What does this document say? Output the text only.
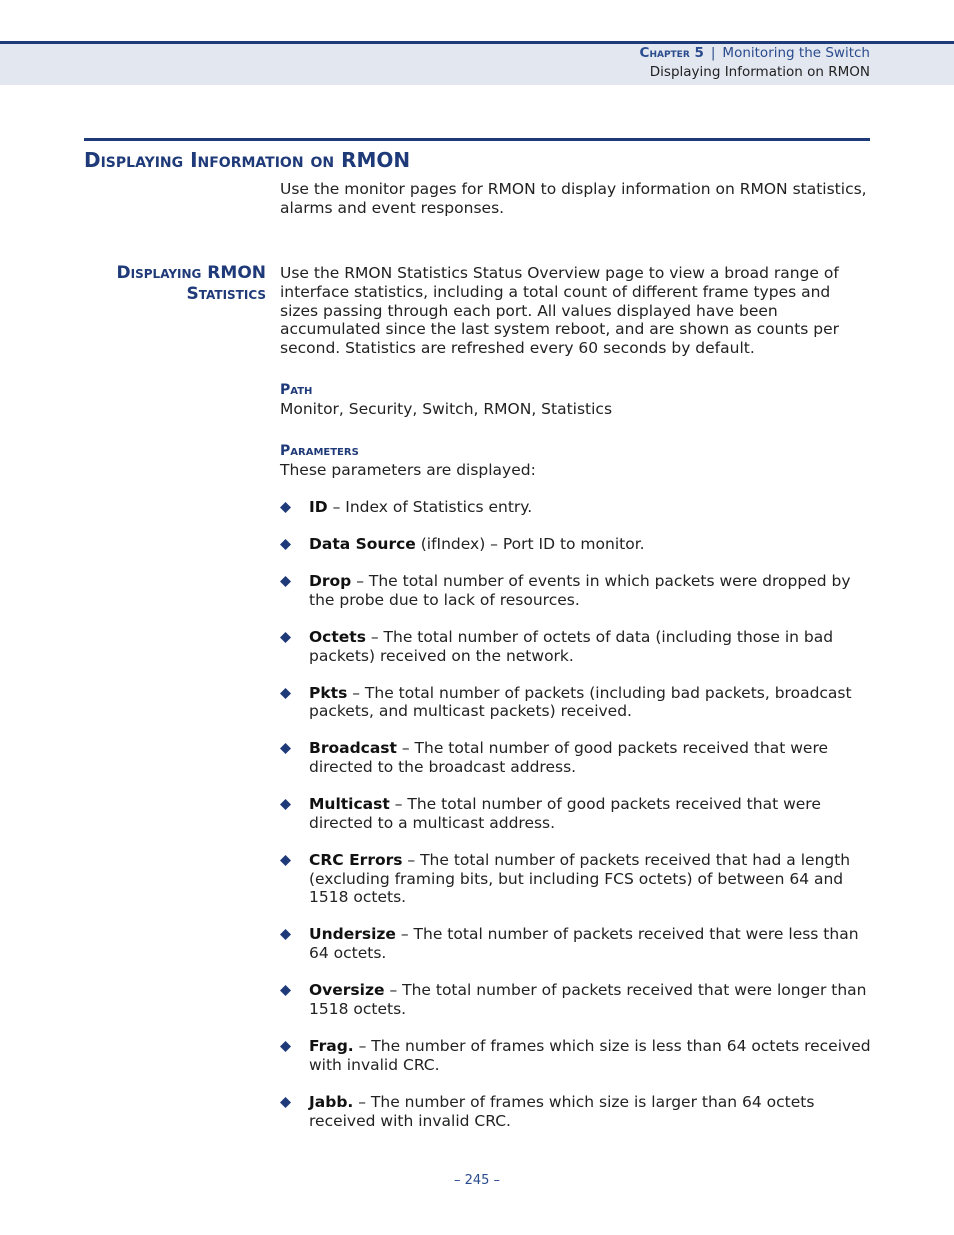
Chapter 5 | Monitoring the Switch
Displaying Information on RMON
Displaying Information on RMON
Use the monitor pages for RMON to display information on RMON statistics, alarms and event responses.
Displaying RMON
Statistics
Use the RMON Statistics Status Overview page to view a broad range of interface statistics, including a total count of different frame types and sizes passing through each port. All values displayed have been accumulated since the last system reboot, and are shown as counts per second. Statistics are refreshed every 60 seconds by default.
Path
Monitor, Security, Switch, RMON, Statistics
Parameters
These parameters are displayed:
ID – Index of Statistics entry.
Data Source (ifIndex) – Port ID to monitor.
Drop – The total number of events in which packets were dropped by the probe due to lack of resources.
Octets – The total number of octets of data (including those in bad packets) received on the network.
Pkts – The total number of packets (including bad packets, broadcast packets, and multicast packets) received.
Broadcast – The total number of good packets received that were directed to the broadcast address.
Multicast – The total number of good packets received that were directed to a multicast address.
CRC Errors – The total number of packets received that had a length (excluding framing bits, but including FCS octets) of between 64 and 1518 octets.
Undersize – The total number of packets received that were less than 64 octets.
Oversize – The total number of packets received that were longer than 1518 octets.
Frag. – The number of frames which size is less than 64 octets received with invalid CRC.
Jabb. – The number of frames which size is larger than 64 octets received with invalid CRC.
– 245 –
